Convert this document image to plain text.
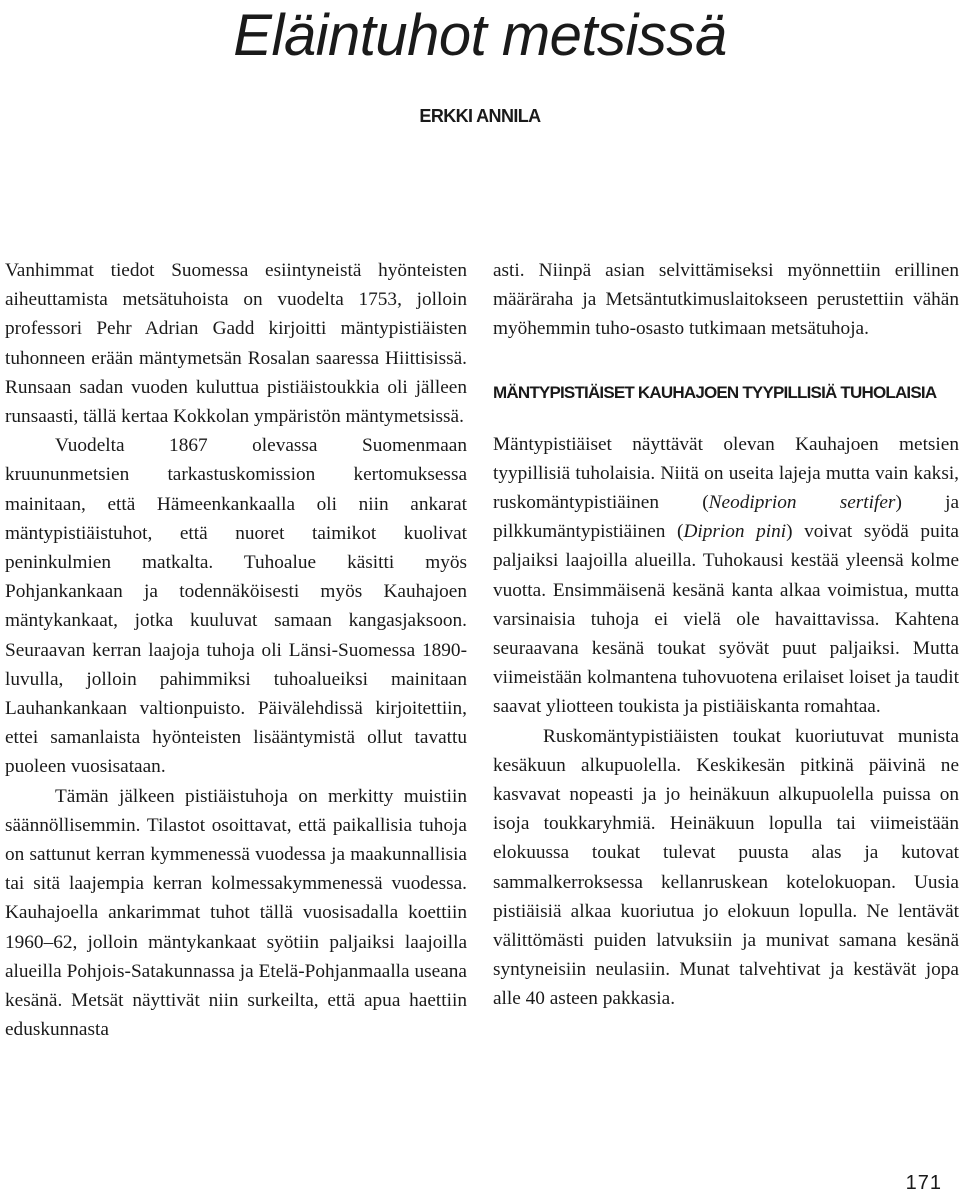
Eläintuhot metsissä
ERKKI ANNILA

Vanhimmat tiedot Suomessa esiintyneistä hyönteisten aiheuttamista metsätuhoista on vuodelta 1753, jolloin professori Pehr Adrian Gadd kirjoitti mäntypistiäisten tuhonneen erään mäntymetsän Rosalan saaressa Hiittisissä. Runsaan sadan vuoden kuluttua pistiäistoukkia oli jälleen runsaasti, tällä kertaa Kokkolan ympäristön mäntymetsissä.

Vuodelta 1867 olevassa Suomenmaan kruununmetsien tarkastuskomission kertomuksessa mainitaan, että Hämeenkankaalla oli niin ankarat mäntypistiäistuhot, että nuoret taimikot kuolivat peninkulmien matkalta. Tuhoalue käsitti myös Pohjankankaan ja todennäköisesti myös Kauhajoen mäntykankaat, jotka kuuluvat samaan kangasjaksoon. Seuraavan kerran laajoja tuhoja oli Länsi-Suomessa 1890-luvulla, jolloin pahimmiksi tuhoalueiksi mainitaan Lauhankankaan valtionpuisto. Päivälehdissä kirjoitettiin, ettei samanlaista hyönteisten lisääntymistä ollut tavattu puoleen vuosisataan.

Tämän jälkeen pistiäistuhoja on merkitty muistiin säännöllisemmin. Tilastot osoittavat, että paikallisia tuhoja on sattunut kerran kymmenessä vuodessa ja maakunnallisia tai sitä laajempia kerran kolmessakymmenessä vuodessa. Kauhajoella ankarimmat tuhot tällä vuosisadalla koettiin 1960–62, jolloin mäntykankaat syötiin paljaiksi laajoilla alueilla Pohjois-Satakunnassa ja Etelä-Pohjanmaalla useana kesänä. Metsät näyttivät niin surkeilta, että apua haettiin eduskunnasta

asti. Niinpä asian selvittämiseksi myönnettiin erillinen määräraha ja Metsäntutkimuslaitokseen perustettiin vähän myöhemmin tuho-osasto tutkimaan metsätuhoja.

MÄNTYPISTIÄISET KAUHAJOEN TYYPILLISIÄ TUHOLAISIA

Mäntypistiäiset näyttävät olevan Kauhajoen metsien tyypillisiä tuholaisia. Niitä on useita lajeja mutta vain kaksi, ruskomäntypistiäinen (Neodiprion sertifer) ja pilkkumäntypistiäinen (Diprion pini) voivat syödä puita paljaiksi laajoilla alueilla. Tuhokausi kestää yleensä kolme vuotta. Ensimmäisenä kesänä kanta alkaa voimistua, mutta varsinaisia tuhoja ei vielä ole havaittavissa. Kahtena seuraavana kesänä toukat syövät puut paljaiksi. Mutta viimeistään kolmantena tuhovuotena erilaiset loiset ja taudit saavat yliotteen toukista ja pistiäiskanta romahtaa.

Ruskomäntypistiäisten toukat kuoriutuvat munista kesäkuun alkupuolella. Keskikesän pitkinä päivinä ne kasvavat nopeasti ja jo heinäkuun alkupuolella puissa on isoja toukkaryhmiä. Heinäkuun lopulla tai viimeistään elokuussa toukat tulevat puusta alas ja kutovat sammalkerroksessa kellanruskean kotelokuopan. Uusia pistiäisiä alkaa kuoriutua jo elokuun lopulla. Ne lentävät välittömästi puiden latvuksiin ja munivat samana kesänä syntyneisiin neulasiin. Munat talvehtivat ja kestävät jopa alle 40 asteen pakkasia.

171
